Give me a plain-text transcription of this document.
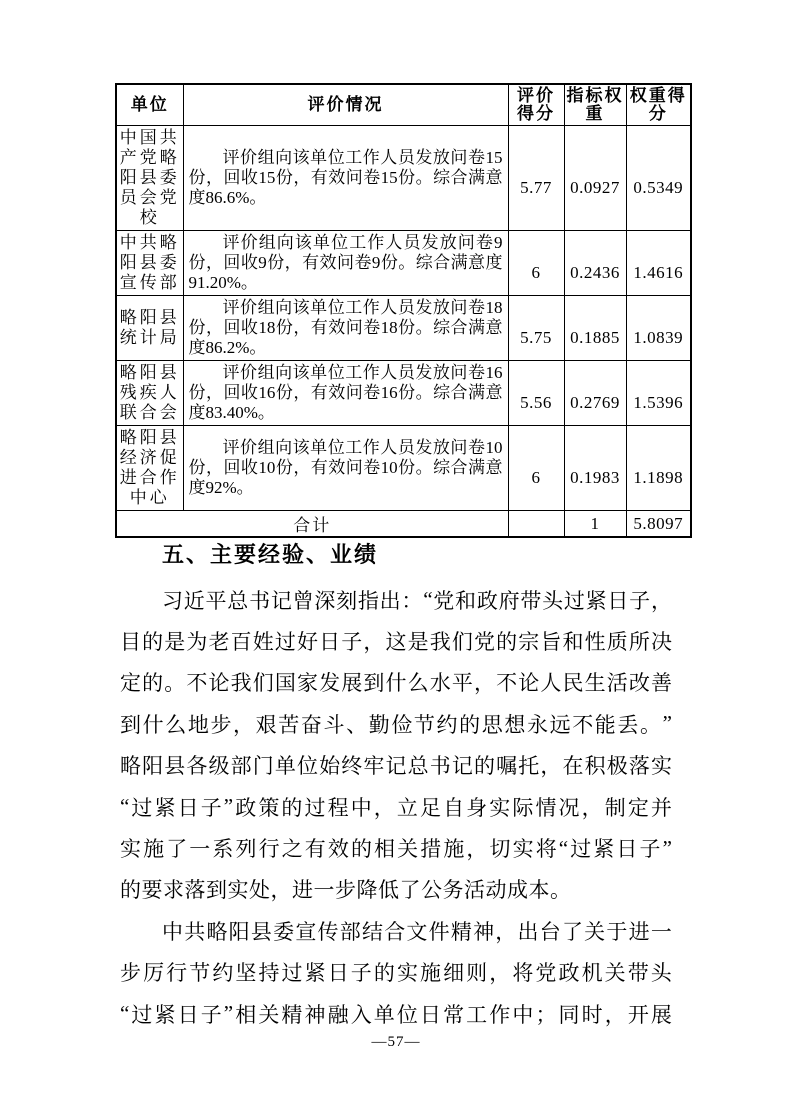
单位	评价情况	评价得分	指标权重	权重得分
中国共产党略阳县委员会党校	评价组向该单位工作人员发放问卷15份，回收15份，有效问卷15份。综合满意度86.6%。	5.77	0.0927	0.5349
中共略阳县委宣传部	评价组向该单位工作人员发放问卷9份，回收9份，有效问卷9份。综合满意度91.20%。	6	0.2436	1.4616
略阳县统计局	评价组向该单位工作人员发放问卷18份，回收18份，有效问卷18份。综合满意度86.2%。	5.75	0.1885	1.0839
略阳县残疾人联合会	评价组向该单位工作人员发放问卷16份，回收16份，有效问卷16份。综合满意度83.40%。	5.56	0.2769	1.5396
略阳县经济促进合作中心	评价组向该单位工作人员发放问卷10份，回收10份，有效问卷10份。综合满意度92%。	6	0.1983	1.1898
合计			1	5.8097
五、主要经验、业绩
习 近 平 总 书 记 曾 深 刻 指 出 ： “ 党 和 政 府 带 头 过 紧 日 子 ，
目 的 是 为 老 百 姓 过 好 日 子 ， 这 是 我 们 党 的 宗 旨 和 性 质 所 决
定 的 。 不 论 我 们 国 家 发 展 到 什 么 水 平 ， 不 论 人 民 生 活 改 善
到 什 么 地 步 ， 艰 苦 奋 斗 、 勤 俭 节 约 的 思 想 永 远 不 能 丢 。 ”
略 阳 县 各 级 部 门 单 位 始 终 牢 记 总 书 记 的 嘱 托 ， 在 积 极 落 实
“ 过 紧 日 子 ” 政 策 的 过 程 中 ， 立 足 自 身 实 际 情 况 ， 制 定 并
实 施 了 一 系 列 行 之 有 效 的 相 关 措 施 ， 切 实 将 “ 过 紧 日 子 ”
的要求落到实处，进一步降低了公务活动成本。
中 共 略 阳 县 委 宣 传 部 结 合 文 件 精 神 ， 出 台 了 关 于 进 一
步 厉 行 节 约 坚 持 过 紧 日 子 的 实 施 细 则 ， 将 党 政 机 关 带 头
“ 过 紧 日 子 ” 相 关 精 神 融 入 单 位 日 常 工 作 中 ； 同 时 ， 开 展
—57—
